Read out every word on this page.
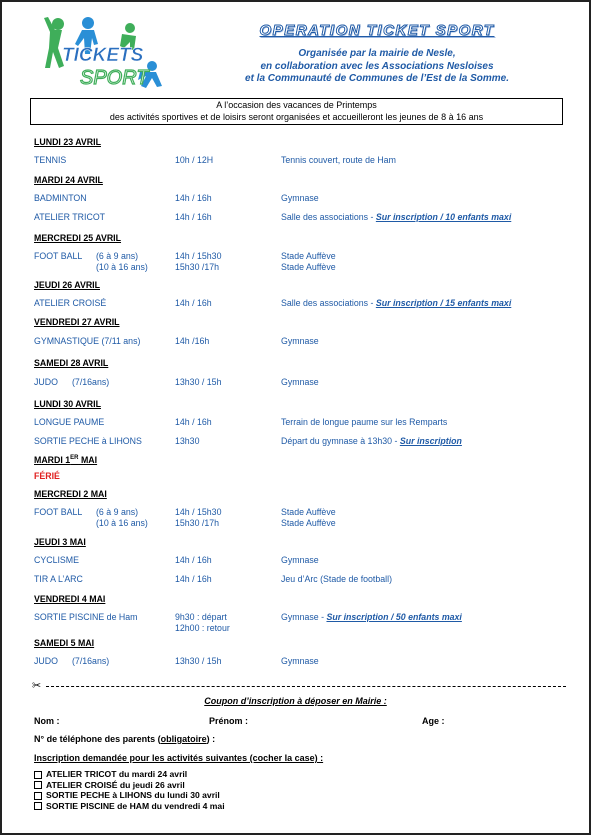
TICKETS
SPORT
OPERATION TICKET SPORT
Organisée par la mairie de Nesle,
en collaboration avec les Associations Nesloises
et la Communauté de Communes de l’Est de la Somme.
A l’occasion des vacances de Printemps
des activités sportives et de loisirs seront organisées et accueilleront les jeunes de 8 à 16 ans
LUNDI 23 AVRIL
TENNIS	10h / 12H	Tennis couvert, route de Ham
MARDI 24 AVRIL
BADMINTON	14h / 16h	Gymnase
ATELIER TRICOT	14h / 16h	Salle des associations - Sur inscription / 10 enfants maxi
MERCREDI 25 AVRIL
FOOT BALL (6 à 9 ans)	14h / 15h30	Stade Auffève
(10 à 16 ans)	15h30 /17h	Stade Auffève
JEUDI 26 AVRIL
ATELIER CROISÉ	14h / 16h	Salle des associations - Sur inscription / 15 enfants maxi
VENDREDI 27 AVRIL
GYMNASTIQUE (7/11 ans)	14h /16h	Gymnase
SAMEDI 28 AVRIL
JUDO (7/16ans)	13h30 / 15h	Gymnase
LUNDI 30 AVRIL
LONGUE PAUME	14h / 16h	Terrain de longue paume sur les Remparts
SORTIE PECHE à LIHONS	13h30	Départ du gymnase à 13h30 - Sur inscription
MARDI 1ER MAI
FÉRIÉ
MERCREDI 2 MAI
FOOT BALL (6 à 9 ans)	14h / 15h30	Stade Auffève
(10 à 16 ans)	15h30 /17h	Stade Auffève
JEUDI 3 MAI
CYCLISME	14h / 16h	Gymnase
TIR A L’ARC	14h / 16h	Jeu d’Arc (Stade de football)
VENDREDI 4 MAI
SORTIE PISCINE de Ham	9h30 : départ	Gymnase - Sur inscription / 50 enfants maxi
12h00 : retour
SAMEDI 5 MAI
JUDO (7/16ans)	13h30 / 15h	Gymnase
✂
Coupon d’inscription à déposer en Mairie :
Nom :	Prénom :	Age :
N° de téléphone des parents (obligatoire) :
Inscription demandée pour les activités suivantes (cocher la case) :
ATELIER TRICOT du mardi 24 avril
ATELIER CROISÉ du jeudi 26 avril
SORTIE PECHE à LIHONS du lundi 30 avril
SORTIE PISCINE de HAM du vendredi 4 mai
